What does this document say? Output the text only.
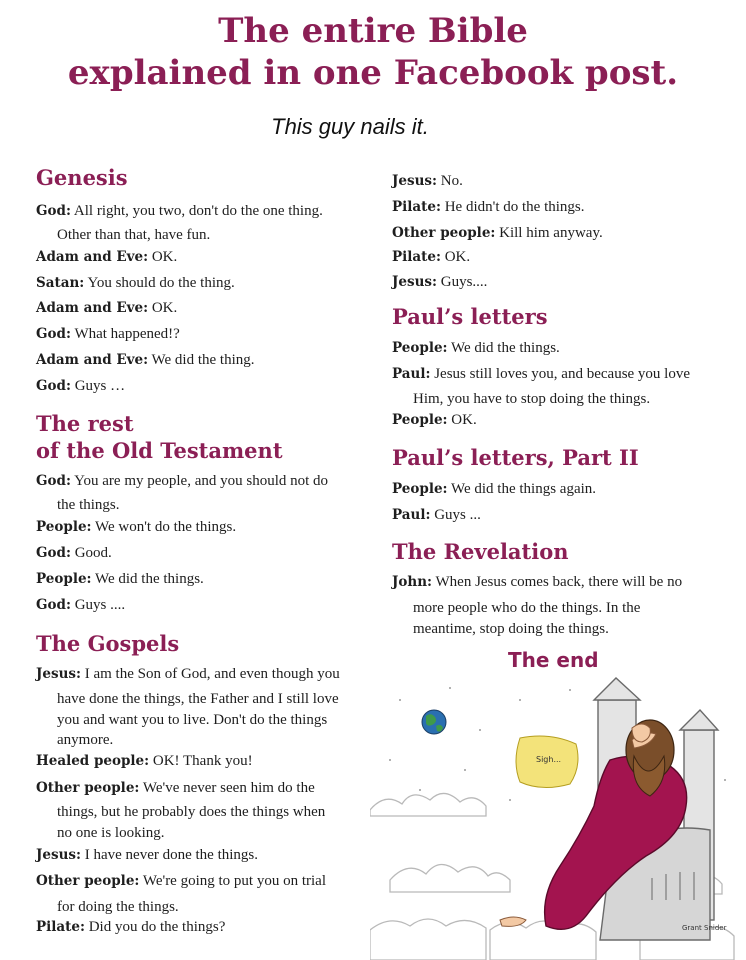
The entire Bible
explained in one Facebook post.
This guy nails it.
Genesis
God: All right, you two, don't do the one thing.
Other than that, have fun.
Adam and Eve: OK.
Satan: You should do the thing.
Adam and Eve: OK.
God: What happened!?
Adam and Eve: We did the thing.
God: Guys …
The rest
of the Old Testament
God: You are my people, and you should not do
the things.
People: We won't do the things.
God: Good.
People: We did the things.
God: Guys ....
The Gospels
Jesus: I am the Son of God, and even though you
have done the things, the Father and I still love
you and want you to live. Don't do the things
anymore.
Healed people: OK! Thank you!
Other people: We've never seen him do the
things, but he probably does the things when
no one is looking.
Jesus: I have never done the things.
Other people: We're going to put you on trial
for doing the things.
Pilate: Did you do the things?
Jesus: No.
Pilate: He didn't do the things.
Other people: Kill him anyway.
Pilate: OK.
Jesus: Guys....
Paul’s letters
People: We did the things.
Paul: Jesus still loves you, and because you love
Him, you have to stop doing the things.
People: OK.
Paul’s letters, Part II
People: We did the things again.
Paul: Guys ...
The Revelation
John: When Jesus comes back, there will be no
more people who do the things. In the
meantime, stop doing the things.
The end
Sigh...
Grant Snider
